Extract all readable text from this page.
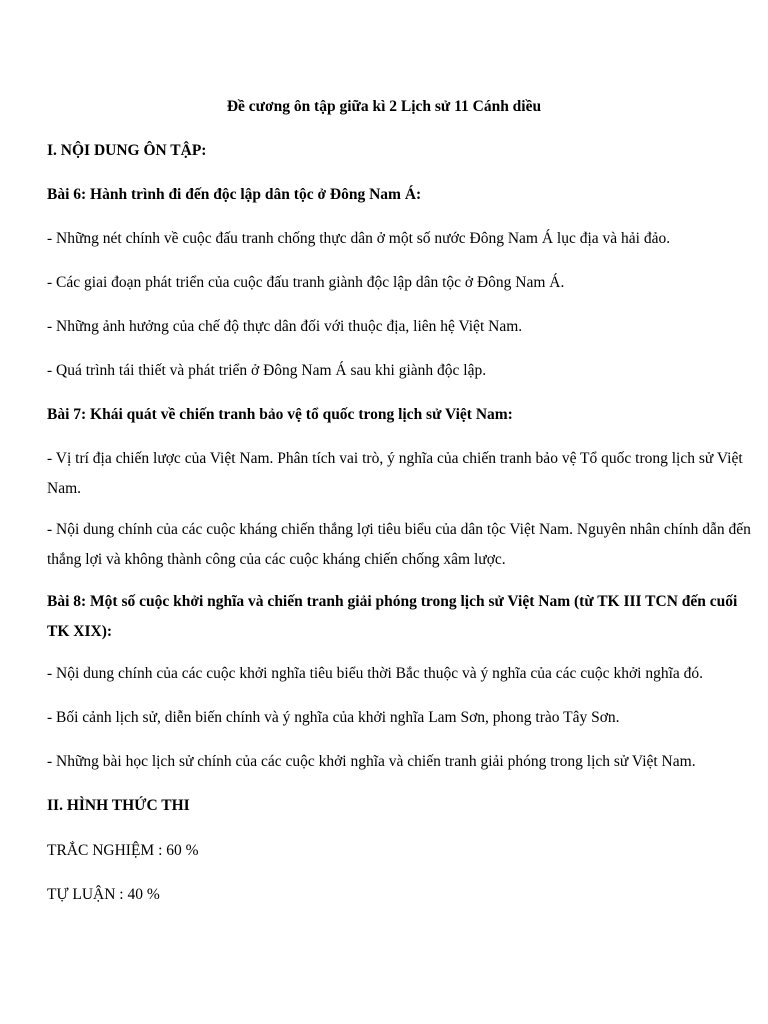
Đề cương ôn tập giữa kì 2 Lịch sử 11 Cánh diều

I. NỘI DUNG ÔN TẬP:

Bài 6: Hành trình đi đến độc lập dân tộc ở Đông Nam Á:

- Những nét chính về cuộc đấu tranh chống thực dân ở một số nước Đông Nam Á lục địa và hải đảo.

- Các giai đoạn phát triển của cuộc đấu tranh giành độc lập dân tộc ở Đông Nam Á.

- Những ảnh hưởng của chế độ thực dân đối với thuộc địa, liên hệ Việt Nam.

- Quá trình tái thiết và phát triển ở Đông Nam Á sau khi giành độc lập.

Bài 7: Khái quát về chiến tranh bảo vệ tổ quốc trong lịch sử Việt Nam:

- Vị trí địa chiến lược của Việt Nam. Phân tích vai trò, ý nghĩa của chiến tranh bảo vệ Tổ quốc trong lịch sử Việt Nam.

- Nội dung chính của các cuộc kháng chiến thắng lợi tiêu biểu của dân tộc Việt Nam. Nguyên nhân chính dẫn đến thắng lợi và không thành công của các cuộc kháng chiến chống xâm lược.

Bài 8: Một số cuộc khởi nghĩa và chiến tranh giải phóng trong lịch sử Việt Nam (từ TK III TCN đến cuối TK XIX):

- Nội dung chính của các cuộc khởi nghĩa tiêu biểu thời Bắc thuộc và ý nghĩa của các cuộc khởi nghĩa đó.

- Bối cảnh lịch sử, diễn biến chính và ý nghĩa của khởi nghĩa Lam Sơn, phong trào Tây Sơn.

- Những bài học lịch sử chính của các cuộc khởi nghĩa và chiến tranh giải phóng trong lịch sử Việt Nam.

II. HÌNH THỨC THI

TRẮC NGHIỆM : 60 %

TỰ LUẬN : 40 %
